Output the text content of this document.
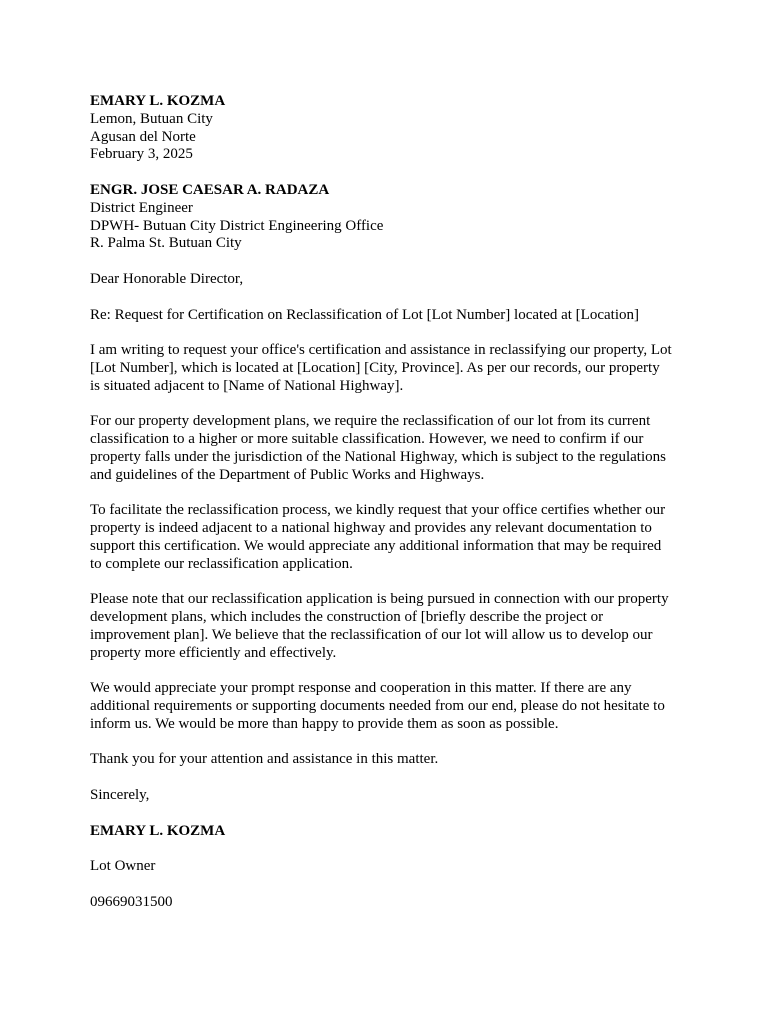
EMARY L. KOZMA
Lemon, Butuan City
Agusan del Norte
February 3, 2025
ENGR. JOSE CAESAR A. RADAZA
District Engineer
DPWH- Butuan City District Engineering Office
R. Palma St. Butuan City
Dear Honorable Director,
Re: Request for Certification on Reclassification of Lot [Lot Number] located at [Location]
I am writing to request your office's certification and assistance in reclassifying our property, Lot
[Lot Number], which is located at [Location] [City, Province]. As per our records, our property
is situated adjacent to [Name of National Highway].
For our property development plans, we require the reclassification of our lot from its current
classification to a higher or more suitable classification. However, we need to confirm if our
property falls under the jurisdiction of the National Highway, which is subject to the regulations
and guidelines of the Department of Public Works and Highways.
To facilitate the reclassification process, we kindly request that your office certifies whether our
property is indeed adjacent to a national highway and provides any relevant documentation to
support this certification. We would appreciate any additional information that may be required
to complete our reclassification application.
Please note that our reclassification application is being pursued in connection with our property
development plans, which includes the construction of [briefly describe the project or
improvement plan]. We believe that the reclassification of our lot will allow us to develop our
property more efficiently and effectively.
We would appreciate your prompt response and cooperation in this matter. If there are any
additional requirements or supporting documents needed from our end, please do not hesitate to
inform us. We would be more than happy to provide them as soon as possible.
Thank you for your attention and assistance in this matter.
Sincerely,
EMARY L. KOZMA
Lot Owner
09669031500
